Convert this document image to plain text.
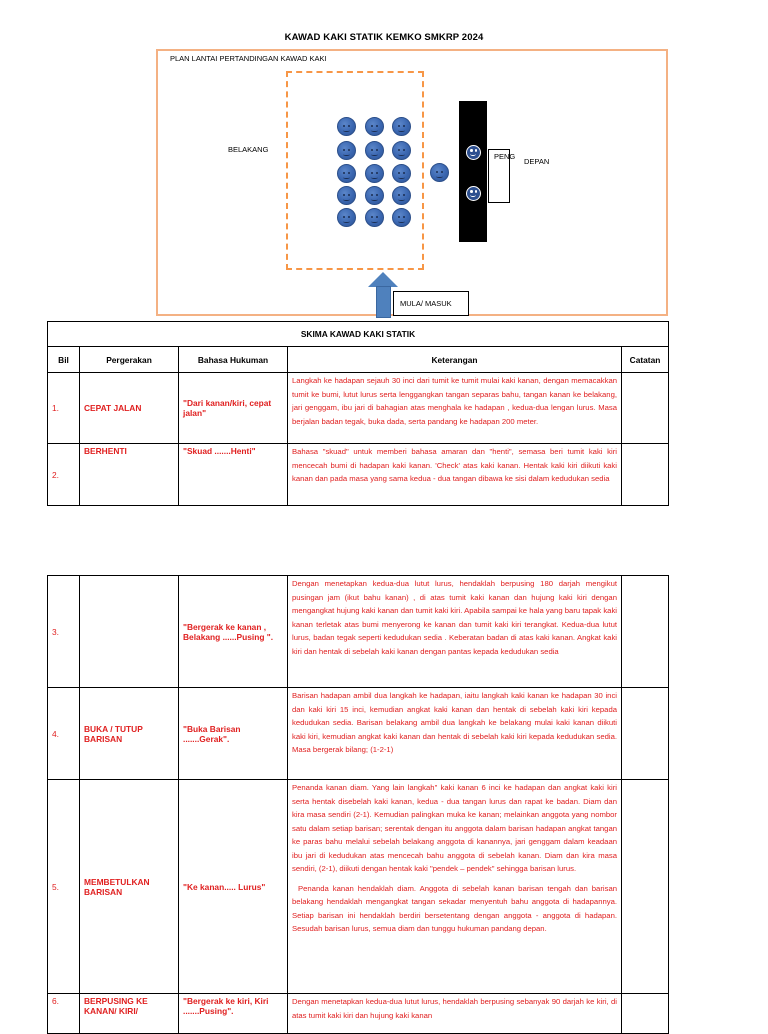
KAWAD KAKI STATIK KEMKO SMKRP 2024
PLAN LANTAI PERTANDINGAN KAWAD KAKI
BELAKANG
PENG
DEPAN
MULA/ MASUK
SKIMA KAWAD KAKI STATIK				
Bil	Pergerakan	Bahasa Hukuman	Keterangan	Catatan
1.	CEPAT JALAN	"Dari kanan/kiri, cepat jalan"	Langkah ke hadapan sejauh 30 inci dari tumit ke tumit mulai kaki kanan, dengan memacakkan tumit ke bumi, lutut lurus serta lenggangkan tangan separas bahu, tangan kanan ke belakang, jari genggam, ibu jari di bahagian atas menghala ke hadapan , kedua-dua lengan lurus. Masa berjalan badan tegak, buka dada, serta pandang ke hadapan 200 meter.	
2.	BERHENTI	"Skuad .......Henti"	Bahasa "skuad" untuk memberi bahasa amaran dan "henti", semasa beri tumit kaki kiri mencecah bumi di hadapan kaki kanan. 'Check' atas kaki kanan. Hentak kaki kiri diikuti kaki kanan dan pada masa yang sama kedua - dua tangan dibawa ke sisi dalam kedudukan sedia	
3.		"Bergerak ke kanan , Belakang ......Pusing ".	Dengan menetapkan kedua-dua lutut lurus, hendaklah berpusing 180 darjah mengikut pusingan jam (ikut bahu kanan) , di atas tumit kaki kanan dan hujung kaki kiri dengan mengangkat hujung kaki kanan dan tumit kaki kiri. Apabila sampai ke hala yang baru tapak kaki kanan terletak atas bumi menyerong ke kanan dan tumit kaki kiri terangkat. Kedua-dua lutut lurus, badan tegak seperti kedudukan sedia . Keberatan badan di atas kaki kanan. Angkat kaki kiri dan hentak di sebelah kaki kanan dengan pantas kepada kedudukan sedia	

4.	BUKA / TUTUP BARISAN	"Buka Barisan .......Gerak".	Barisan hadapan ambil dua langkah ke hadapan, iaitu langkah kaki kanan ke hadapan 30 inci dan kaki kiri 15 inci, kemudian angkat kaki kanan dan hentak di sebelah kaki kiri kepada kedudukan sedia. Barisan belakang ambil dua langkah ke belakang mulai kaki kanan diikuti kaki kiri, kemudian angkat kaki kanan dan hentak di sebelah kaki kiri kepada kedudukan sedia. Masa bergerak bilang; (1-2-1)	

5.	MEMBETULKAN BARISAN	"Ke kanan..... Lurus"	Penanda kanan diam. Yang lain langkah" kaki kanan 6 inci ke hadapan dan angkat kaki kiri serta hentak disebelah kaki kanan, kedua - dua tangan lurus dan rapat ke badan. Diam dan kira masa sendiri (2-1). Kemudian palingkan muka ke kanan; melainkan anggota yang nombor satu dalam setiap barisan; serentak dengan itu anggota dalam barisan hadapan angkat tangan ke paras bahu melalui sebelah belakang anggota di kanannya, jari genggam dalam keadaan ibu jari di kedudukan atas mencecah bahu anggota di sebelah kanan. Diam dan kira masa sendiri, (2-1), diikuti dengan hentak kaki "pendek – pendek" sehingga barisan lurus.

Penanda kanan hendaklah diam. Anggota di sebelah kanan barisan tengah dan barisan belakang hendaklah mengangkat tangan sekadar menyentuh bahu anggota di hadapannya. Setiap barisan ini hendaklah berdiri bersetentang dengan anggota - anggota di hadapan. Sesudah barisan lurus, semua diam dan tunggu hukuman pandang depan.	

6.	BERPUSING KE KANAN/ KIRI/	"Bergerak ke kiri, Kiri .......Pusing".	Dengan menetapkan kedua-dua lutut lurus, hendaklah berpusing sebanyak 90 darjah ke kiri, di atas tumit kaki kiri dan hujung kaki kanan	
